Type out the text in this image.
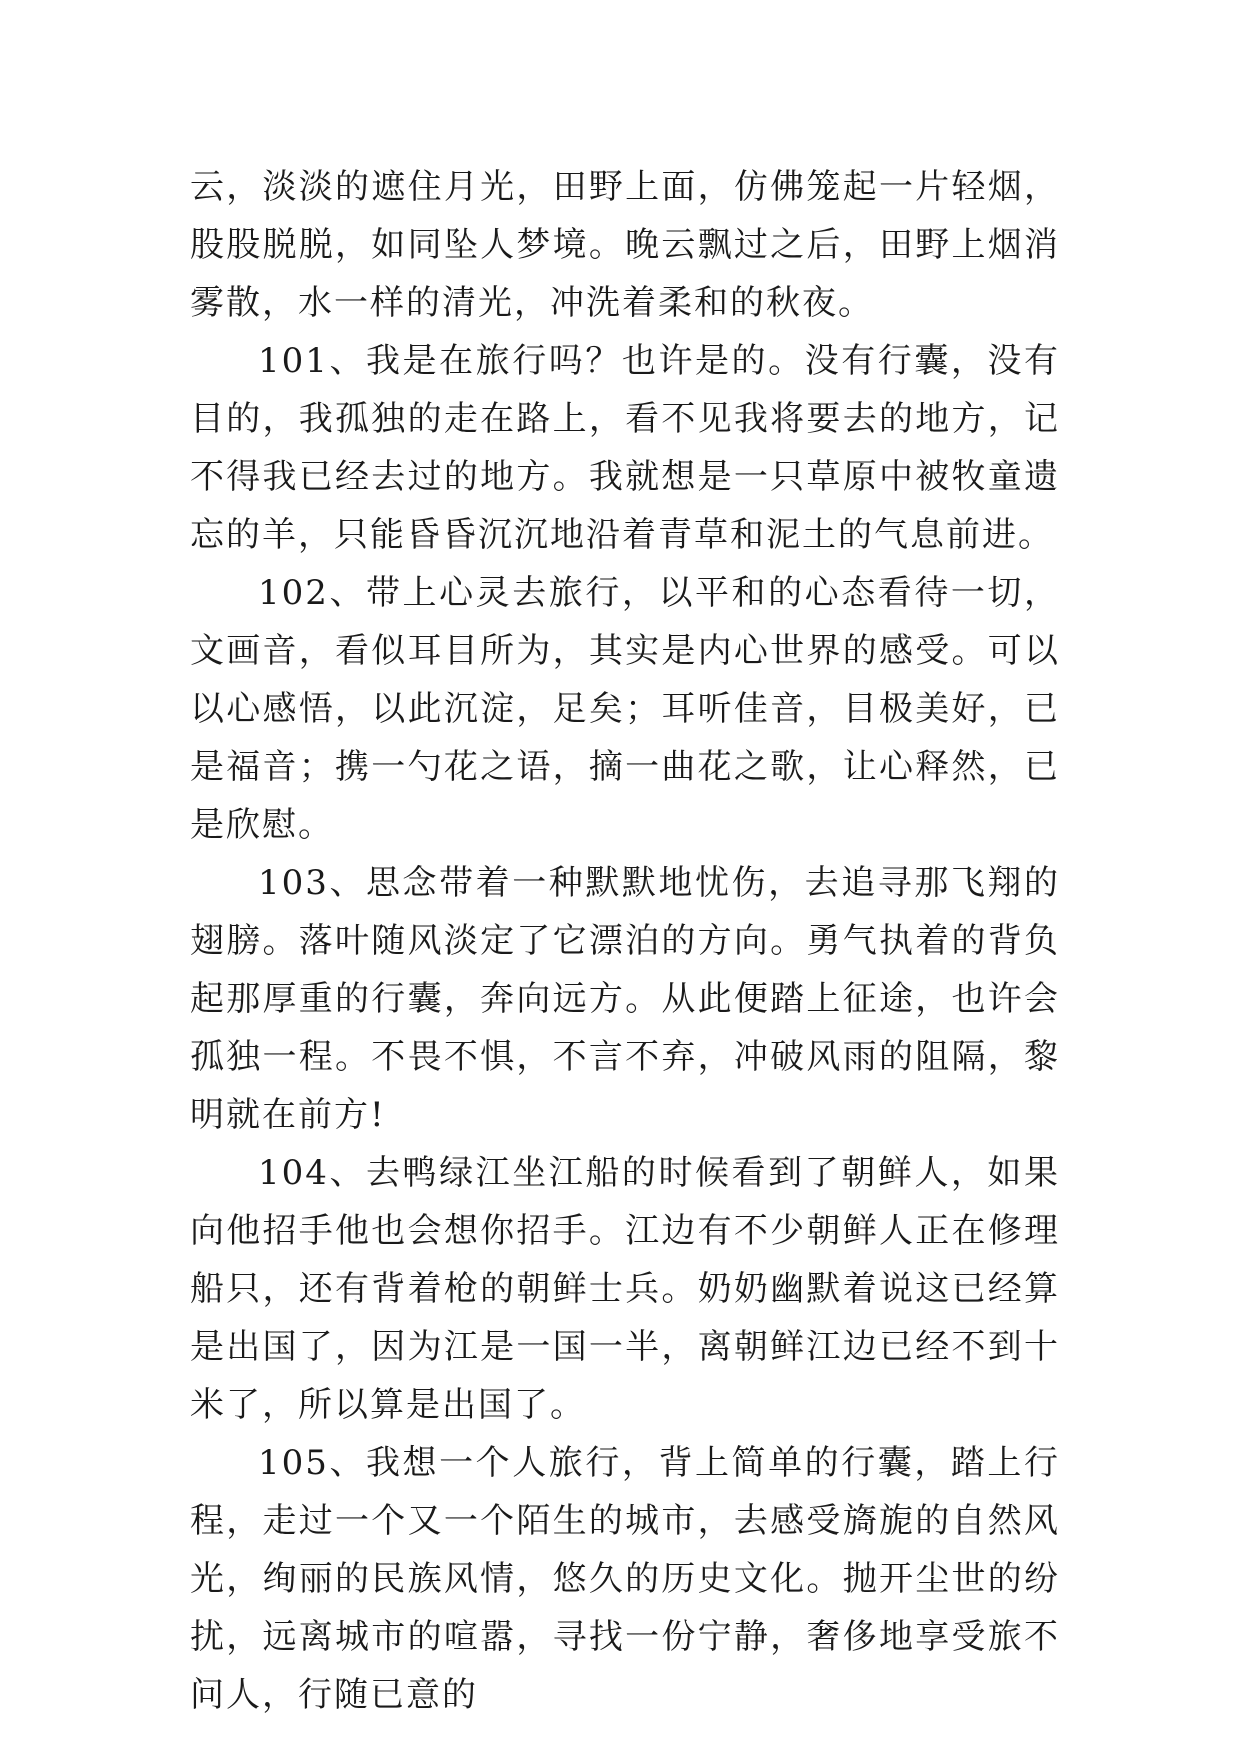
云，淡淡的遮住月光，田野上面，仿佛笼起一片轻烟，股股脱脱，如同坠人梦境。晚云飘过之后，田野上烟消雾散，水一样的清光，冲洗着柔和的秋夜。

101、我是在旅行吗？也许是的。没有行囊，没有目的，我孤独的走在路上，看不见我将要去的地方，记不得我已经去过的地方。我就想是一只草原中被牧童遗忘的羊，只能昏昏沉沉地沿着青草和泥土的气息前进。

102、带上心灵去旅行，以平和的心态看待一切，文画音，看似耳目所为，其实是内心世界的感受。可以以心感悟，以此沉淀，足矣；耳听佳音，目极美好，已是福音；携一勺花之语，摘一曲花之歌，让心释然，已是欣慰。

103、思念带着一种默默地忧伤，去追寻那飞翔的翅膀。落叶随风淡定了它漂泊的方向。勇气执着的背负起那厚重的行囊，奔向远方。从此便踏上征途，也许会孤独一程。不畏不惧，不言不弃，冲破风雨的阻隔，黎明就在前方!

104、去鸭绿江坐江船的时候看到了朝鲜人，如果向他招手他也会想你招手。江边有不少朝鲜人正在修理船只，还有背着枪的朝鲜士兵。奶奶幽默着说这已经算是出国了，因为江是一国一半，离朝鲜江边已经不到十米了，所以算是出国了。

105、我想一个人旅行，背上简单的行囊，踏上行程，走过一个又一个陌生的城市，去感受旖旎的自然风光，绚丽的民族风情，悠久的历史文化。抛开尘世的纷扰，远离城市的喧嚣，寻找一份宁静，奢侈地享受旅不问人，行随已意的
